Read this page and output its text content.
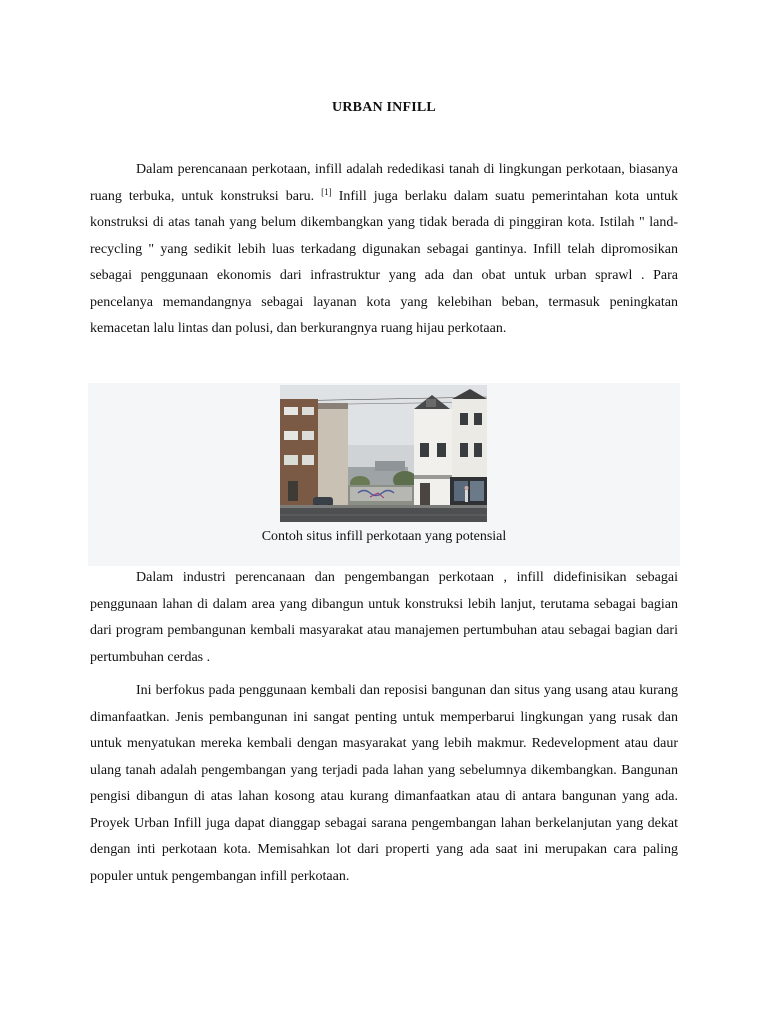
URBAN INFILL

Dalam perencanaan perkotaan, infill adalah rededikasi tanah di lingkungan perkotaan, biasanya ruang terbuka, untuk konstruksi baru. [1] Infill juga berlaku dalam suatu pemerintahan kota untuk konstruksi di atas tanah yang belum dikembangkan yang tidak berada di pinggiran kota. Istilah " land-recycling " yang sedikit lebih luas terkadang digunakan sebagai gantinya. Infill telah dipromosikan sebagai penggunaan ekonomis dari infrastruktur yang ada dan obat untuk urban sprawl . Para pencelanya memandangnya sebagai layanan kota yang kelebihan beban, termasuk peningkatan kemacetan lalu lintas dan polusi, dan berkurangnya ruang hijau perkotaan.

Contoh situs infill perkotaan yang potensial

Dalam industri perencanaan dan pengembangan perkotaan , infill didefinisikan sebagai penggunaan lahan di dalam area yang dibangun untuk konstruksi lebih lanjut, terutama sebagai bagian dari program pembangunan kembali masyarakat atau manajemen pertumbuhan atau sebagai bagian dari pertumbuhan cerdas .

Ini berfokus pada penggunaan kembali dan reposisi bangunan dan situs yang usang atau kurang dimanfaatkan. Jenis pembangunan ini sangat penting untuk memperbarui lingkungan yang rusak dan untuk menyatukan mereka kembali dengan masyarakat yang lebih makmur. Redevelopment atau daur ulang tanah adalah pengembangan yang terjadi pada lahan yang sebelumnya dikembangkan. Bangunan pengisi dibangun di atas lahan kosong atau kurang dimanfaatkan atau di antara bangunan yang ada. Proyek Urban Infill juga dapat dianggap sebagai sarana pengembangan lahan berkelanjutan yang dekat dengan inti perkotaan kota. Memisahkan lot dari properti yang ada saat ini merupakan cara paling populer untuk pengembangan infill perkotaan.
